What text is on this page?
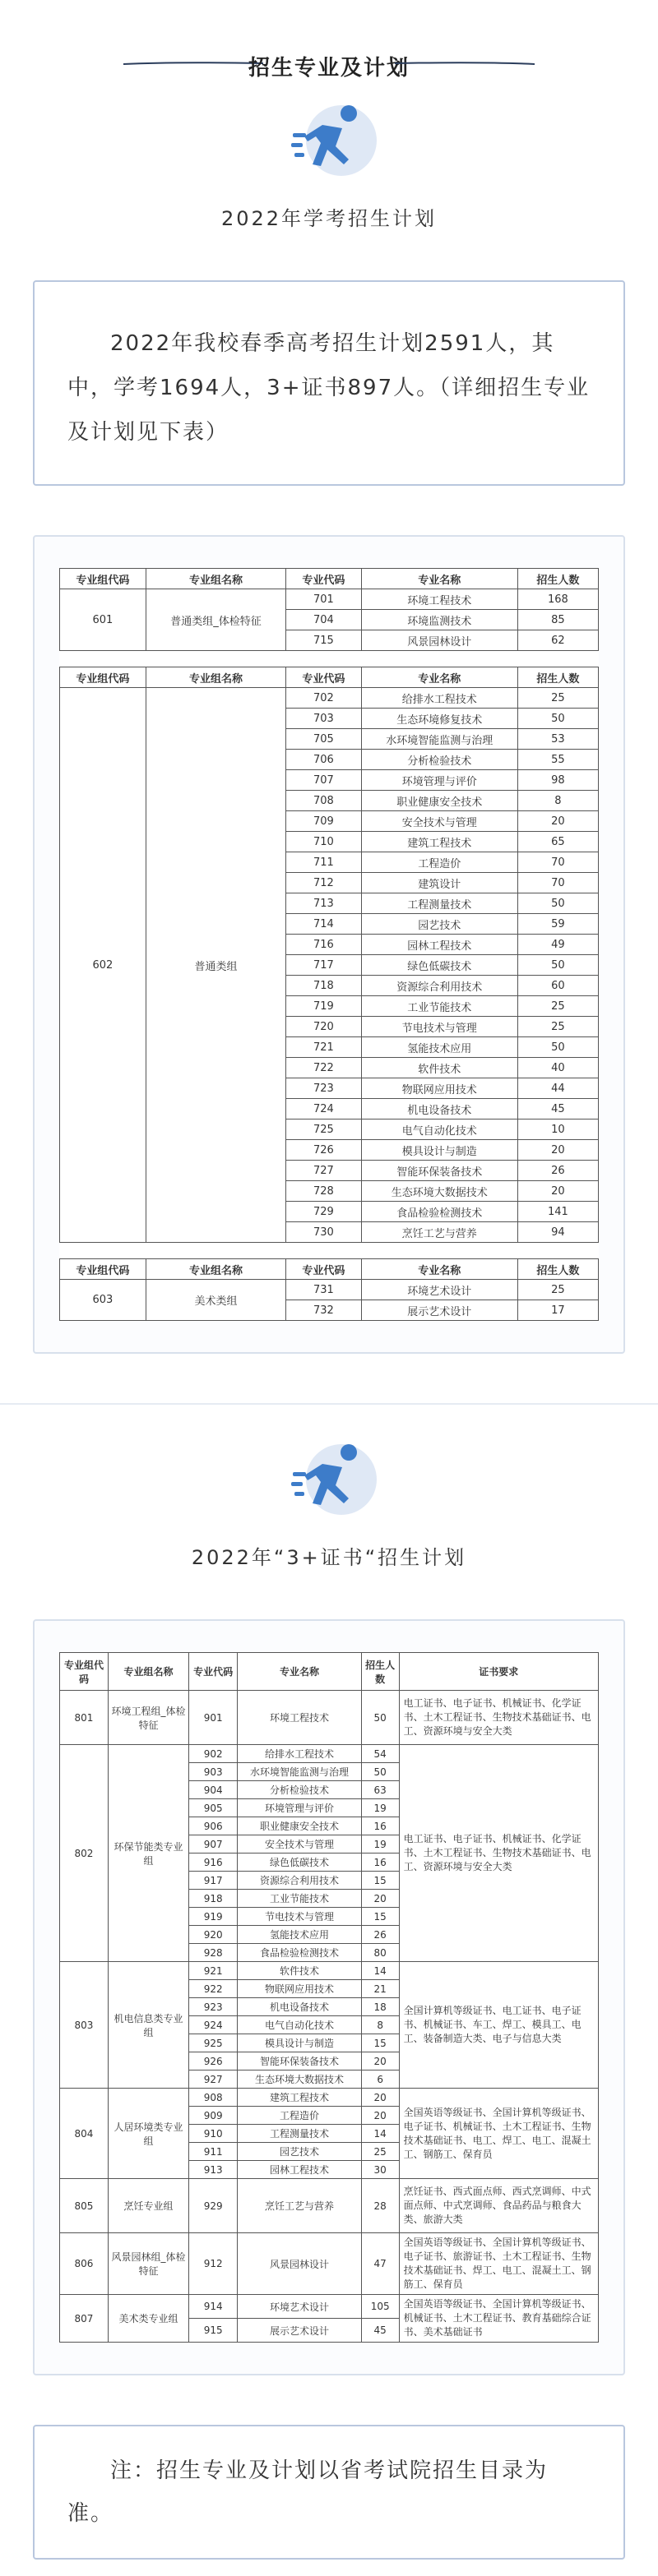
招生专业及计划
2022年学考招生计划

2022年我校春季高考招生计划2591人，其中，学考1694人，3+证书897人。（详细招生专业及计划见下表）

专业组代码	专业组名称	专业代码	专业名称	招生人数
601	普通类组_体检特征	701	环境工程技术	168
		704	环境监测技术	85
		715	风景园林设计	62

专业组代码	专业组名称	专业代码	专业名称	招生人数
602	普通类组	702	给排水工程技术	25
		703	生态环境修复技术	50
		705	水环境智能监测与治理	53
		706	分析检验技术	55
		707	环境管理与评价	98
		708	职业健康安全技术	8
		709	安全技术与管理	20
		710	建筑工程技术	65
		711	工程造价	70
		712	建筑设计	70
		713	工程测量技术	50
		714	园艺技术	59
		716	园林工程技术	49
		717	绿色低碳技术	50
		718	资源综合利用技术	60
		719	工业节能技术	25
		720	节电技术与管理	25
		721	氢能技术应用	50
		722	软件技术	40
		723	物联网应用技术	44
		724	机电设备技术	45
		725	电气自动化技术	10
		726	模具设计与制造	20
		727	智能环保装备技术	26
		728	生态环境大数据技术	20
		729	食品检验检测技术	141
		730	烹饪工艺与营养	94

专业组代码	专业组名称	专业代码	专业名称	招生人数
603	美术类组	731	环境艺术设计	25
		732	展示艺术设计	17
2022年“3+证书“招生计划
专业组代码	专业组名称	专业代码	专业名称	招生人数	证书要求
801	环境工程组_体检特征	901	环境工程技术	50	电工证书、电子证书、机械证书、化学证书、土木工程证书、生物技术基础证书、电工、资源环境与安全大类
802	环保节能类专业组	902	给排水工程技术	54	电工证书、电子证书、机械证书、化学证书、土木工程证书、生物技术基础证书、电工、资源环境与安全大类
		903	水环境智能监测与治理	50	
		904	分析检验技术	63	
		905	环境管理与评价	19	
		906	职业健康安全技术	16	
		907	安全技术与管理	19	
		916	绿色低碳技术	16	
		917	资源综合利用技术	15	
		918	工业节能技术	20	
		919	节电技术与管理	15	
		920	氢能技术应用	26	
		928	食品检验检测技术	80	
803	机电信息类专业组	921	软件技术	14	全国计算机等级证书、电工证书、电子证书、机械证书、车工、焊工、模具工、电工、装备制造大类、电子与信息大类
		922	物联网应用技术	21	
		923	机电设备技术	18	
		924	电气自动化技术	8	
		925	模具设计与制造	15	
		926	智能环保装备技术	20	
		927	生态环境大数据技术	6	
804	人居环境类专业组	908	建筑工程技术	20	全国英语等级证书、全国计算机等级证书、电子证书、机械证书、土木工程证书、生物技术基础证书、电工、焊工、电工、混凝土工、钢筋工、保育员
		909	工程造价	20	
		910	工程测量技术	14	
		911	园艺技术	25	
		913	园林工程技术	30	
805	烹饪专业组	929	烹饪工艺与营养	28	烹饪证书、西式面点师、西式烹调师、中式面点师、中式烹调师、食品药品与粮食大类、旅游大类
806	风景园林组_体检特征	912	风景园林设计	47	全国英语等级证书、全国计算机等级证书、电子证书、旅游证书、土木工程证书、生物技术基础证书、焊工、电工、混凝土工、钢筋工、保育员
807	美术类专业组	914	环境艺术设计	105	全国英语等级证书、全国计算机等级证书、机械证书、土木工程证书、教育基础综合证书、美术基础证书
		915	展示艺术设计	45	
注：招生专业及计划以省考试院招生目录为准。
